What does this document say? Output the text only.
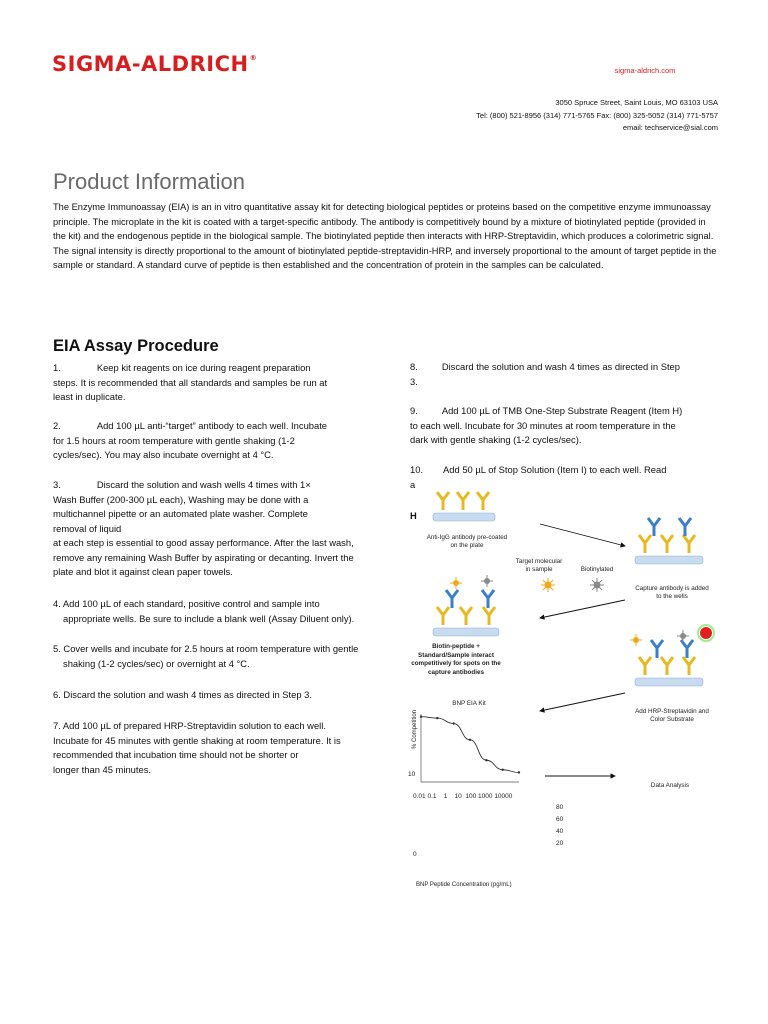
SIGMA-ALDRICH®
sigma-aldrich.com
3050 Spruce Street, Saint Louis, MO 63103 USA
Tel: (800) 521-8956 (314) 771-5765 Fax: (800) 325-5052 (314) 771-5757
email: techservice@sial.com
Product Information
The Enzyme Immunoassay (EIA) is an in vitro quantitative assay kit for detecting biological peptides or proteins based on the competitive enzyme immunoassay principle. The microplate in the kit is coated with a target-specific antibody. The antibody is competitively bound by a mixture of biotinylated peptide (provided in the kit) and the endogenous peptide in the biological sample. The biotinylated peptide then interacts with HRP-Streptavidin, which produces a colorimetric signal. The signal intensity is directly proportional to the amount of biotinylated peptide-streptavidin-HRP, and inversely proportional to the amount of target peptide in the sample or standard. A standard curve of peptide is then established and the concentration of protein in the samples can be calculated.
EIA Assay Procedure
1.	Keep kit reagents on ice during reagent preparation
steps. It is recommended that all standards and samples be run at
least in duplicate.
2.	Add 100 µL anti-“target” antibody to each well. Incubate
for 1.5 hours at room temperature with gentle shaking (1-2
cycles/sec). You may also incubate overnight at 4 °C.
3.	Discard the solution and wash wells 4 times with 1×
Wash Buffer (200-300 µL each), Washing may be done with a
multichannel pipette or an automated plate washer. Complete
removal of liquid
at each step is essential to good assay performance. After the last wash,
remove any remaining Wash Buffer by aspirating or decanting. Invert the
plate and blot it against clean paper towels.
4. Add 100 µL of each standard, positive control and sample into
appropriate wells. Be sure to include a blank well (Assay Diluent only).
5. Cover wells and incubate for 2.5 hours at room temperature with gentle
shaking (1-2 cycles/sec) or overnight at 4 °C.
6. Discard the solution and wash 4 times as directed in Step 3.
7. Add 100 µL of prepared HRP-Streptavidin solution to each well.
Incubate for 45 minutes with gentle shaking at room temperature. It is
recommended that incubation time should not be shorter or
longer than 45 minutes.
8.	Discard the solution and wash 4 times as directed in Step
3.
9.	Add 100 µL of TMB One-Step Substrate Reagent (Item H)
to each well. Incubate for 30 minutes at room temperature in the
dark with gentle shaking (1-2 cycles/sec).
10. Add 50 µL of Stop Solution (Item I) to each well. Read
a
H
Anti-IgG antibody pre-coated on the plate
Target molecular in sample	Biotinylated
Capture antibody is added to the wells
Biotin-peptide + Standard/Sample interact competitively for spots on the capture antibodies
Add HRP-Streptavidin and Color Substrate
Data Analysis
BNP EIA Kit
% Competition
10
0.01 0.1    1    10  100 1000 10000
80
60
40
20
0
BNP Peptide Concentration (pg/mL)
